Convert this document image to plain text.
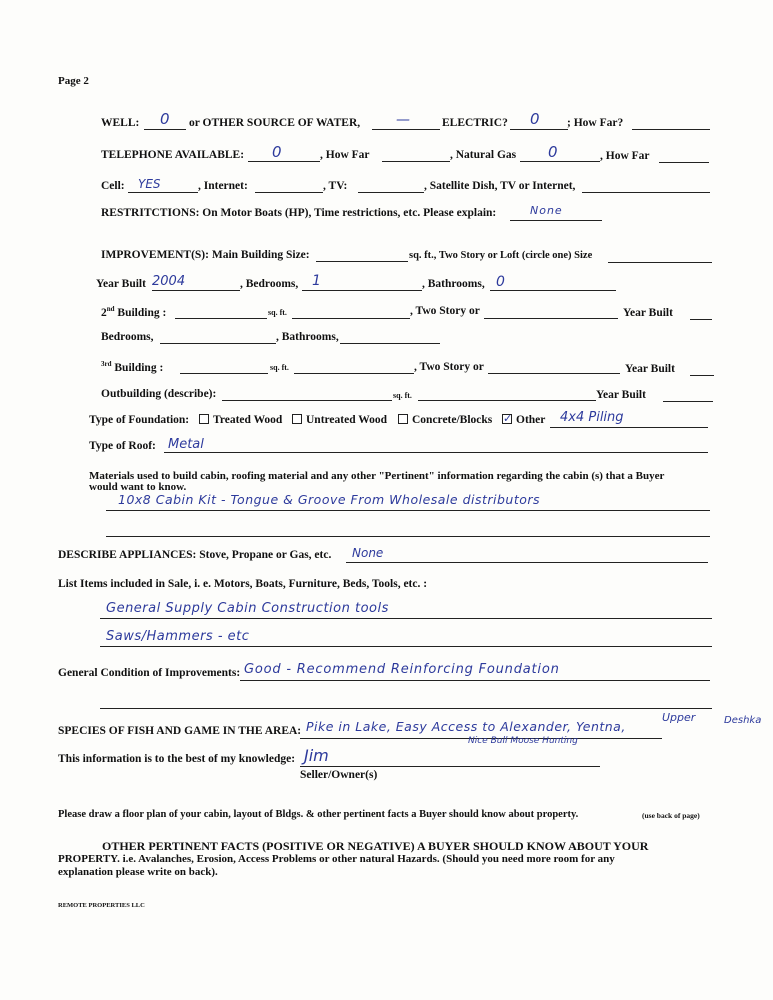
Page 2
WELL: 0 or OTHER SOURCE OF WATER,	—	ELECTRIC? 0 ; How Far?
TELEPHONE AVAILABLE: 0	, How Far	, Natural Gas 0	, How Far
Cell: YES	, Internet:	, TV:	, Satellite Dish, TV or Internet,
RESTRITCTIONS: On Motor Boats (HP), Time restrictions, etc. Please explain:	None
IMPROVEMENT(S): Main Building Size:	sq. ft., Two Story or Loft (circle one) Size
Year Built 2004	, Bedrooms, 1	, Bathrooms, 0
2nd Building :	sq. ft.	, Two Story or	Year Built
Bedrooms,	, Bathrooms,
$^{3rd}$ Building :	sq. ft.	, Two Story or	Year Built
Outbuilding (describe):	sq. ft.	Year Built
Type of Foundation: Treated Wood Untreated Wood Concrete/Blocks
✓ Other 4x4 Piling
Type of Roof: Metal
Materials used to build cabin, roofing material and any other "Pertinent" information regarding the cabin (s) that a Buyer
would want to know.
10x8 Cabin Kit - Tongue & Groove From Wholesale distributors
DESCRIBE APPLIANCES: Stove, Propane or Gas, etc. None
List Items included in Sale, i. e. Motors, Boats, Furniture, Beds, Tools, etc. :
General Supply Cabin Construction tools
Saws/Hammers - etc
General Condition of Improvements: Good - Recommend Reinforcing Foundation
SPECIES OF FISH AND GAME IN THE AREA: Pike in Lake, Easy Access to Alexander, Yentna,
Upper	Deshka
Nice Bull Moose Hunting
This information is to the best of my knowledge: Jim
Seller/Owner(s)
Please draw a floor plan of your cabin, layout of Bldgs. & other pertinent facts a Buyer should know about property.	(use back of page)
OTHER PERTINENT FACTS (POSITIVE OR NEGATIVE) A BUYER SHOULD KNOW ABOUT YOUR
PROPERTY. i.e. Avalanches, Erosion, Access Problems or other natural Hazards. (Should you need more room for any
explanation please write on back).
REMOTE PROPERTIES LLC
